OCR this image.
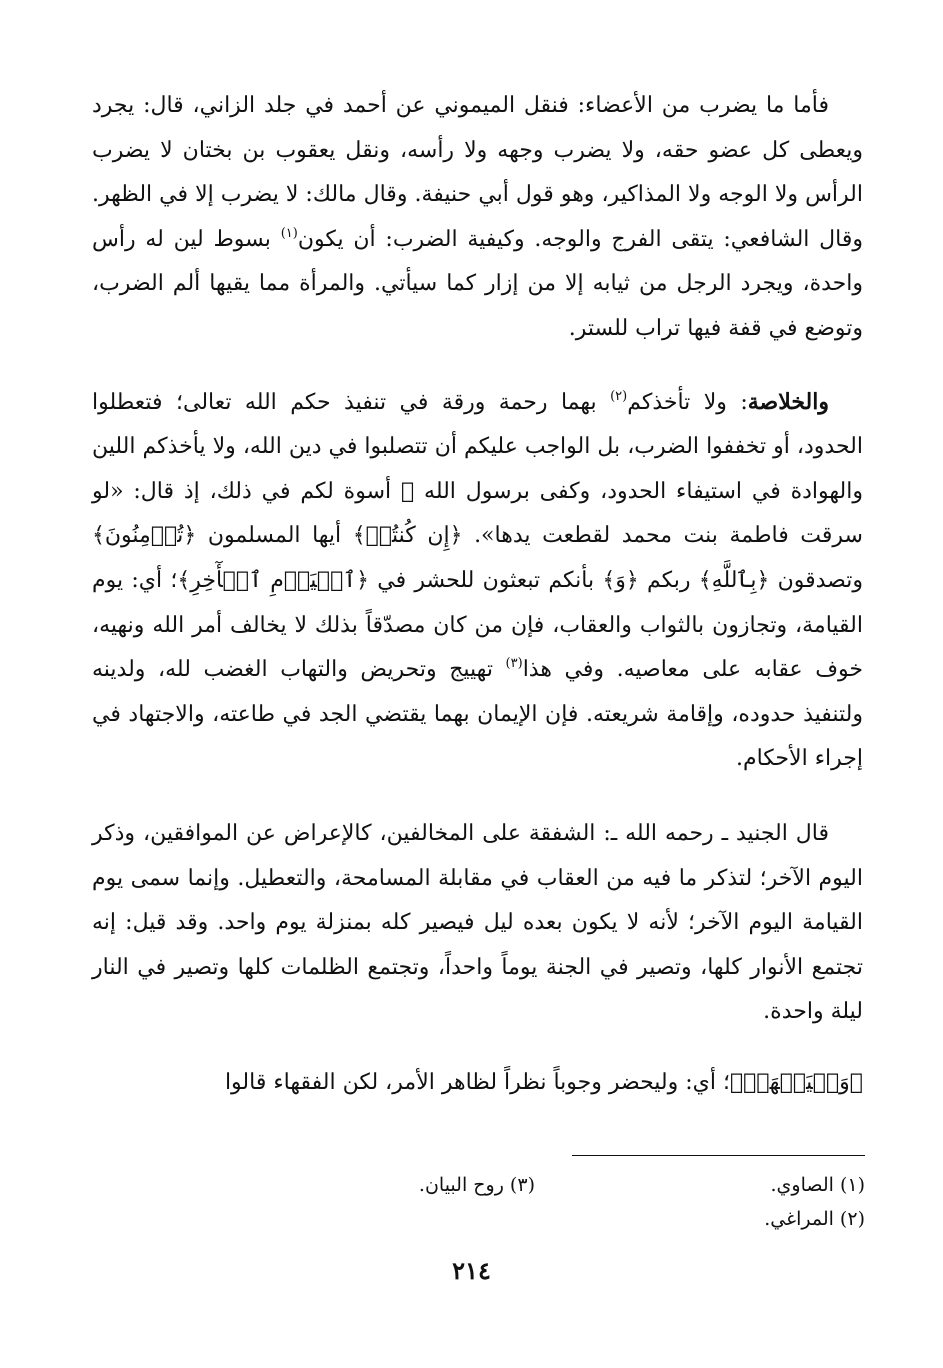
فأما ما يضرب من الأعضاء: فنقل الميموني عن أحمد في جلد الزاني، قال: يجرد ويعطى كل عضو حقه، ولا يضرب وجهه ولا رأسه، ونقل يعقوب بن بختان لا يضرب الرأس ولا الوجه ولا المذاكير، وهو قول أبي حنيفة. وقال مالك: لا يضرب إلا في الظهر. وقال الشافعي: يتقى الفرج والوجه. وكيفية الضرب: أن يكون$^{(١)}$ بسوط لين له رأس واحدة، ويجرد الرجل من ثيابه إلا من إزار كما سيأتي. والمرأة مما يقيها ألم الضرب، وتوضع في قفة فيها تراب للستر.

والخلاصة: ولا تأخذكم$^{(٢)}$ بهما رحمة ورقة في تنفيذ حكم الله تعالى؛ فتعطلوا الحدود، أو تخففوا الضرب، بل الواجب عليكم أن تتصلبوا في دين الله، ولا يأخذكم اللين والهوادة في استيفاء الحدود، وكفى برسول الله ﷺ أسوة لكم في ذلك، إذ قال: «لو سرقت فاطمة بنت محمد لقطعت يدها». ﴿إِن كُنتُمۡ﴾ أيها المسلمون ﴿تُؤۡمِنُونَ﴾ وتصدقون ﴿بِٱللَّهِ﴾ ربكم ﴿وَ﴾ بأنكم تبعثون للحشر في ﴿ٱلۡيَوۡمِ ٱلۡأٓخِرِ﴾؛ أي: يوم القيامة، وتجازون بالثواب والعقاب، فإن من كان مصدّقاً بذلك لا يخالف أمر الله ونهيه، خوف عقابه على معاصيه. وفي هذا$^{(٣)}$ تهييج وتحريض والتهاب الغضب لله، ولدينه ولتنفيذ حدوده، وإقامة شريعته. فإن الإيمان بهما يقتضي الجد في طاعته، والاجتهاد في إجراء الأحكام.

قال الجنيد ـ رحمه الله ـ: الشفقة على المخالفين، كالإعراض عن الموافقين، وذكر اليوم الآخر؛ لتذكر ما فيه من العقاب في مقابلة المسامحة، والتعطيل. وإنما سمى يوم القيامة اليوم الآخر؛ لأنه لا يكون بعده ليل فيصير كله بمنزلة يوم واحد. وقد قيل: إنه تجتمع الأنوار كلها، وتصير في الجنة يوماً واحداً، وتجتمع الظلمات كلها وتصير في النار ليلة واحدة.

﴿وَلۡيَشۡهَدۡ﴾؛ أي: وليحضر وجوباً نظراً لظاهر الأمر، لكن الفقهاء قالوا

(١) الصاوي.
(٣) روح البيان.
(٢) المراغي.
٢١٤
